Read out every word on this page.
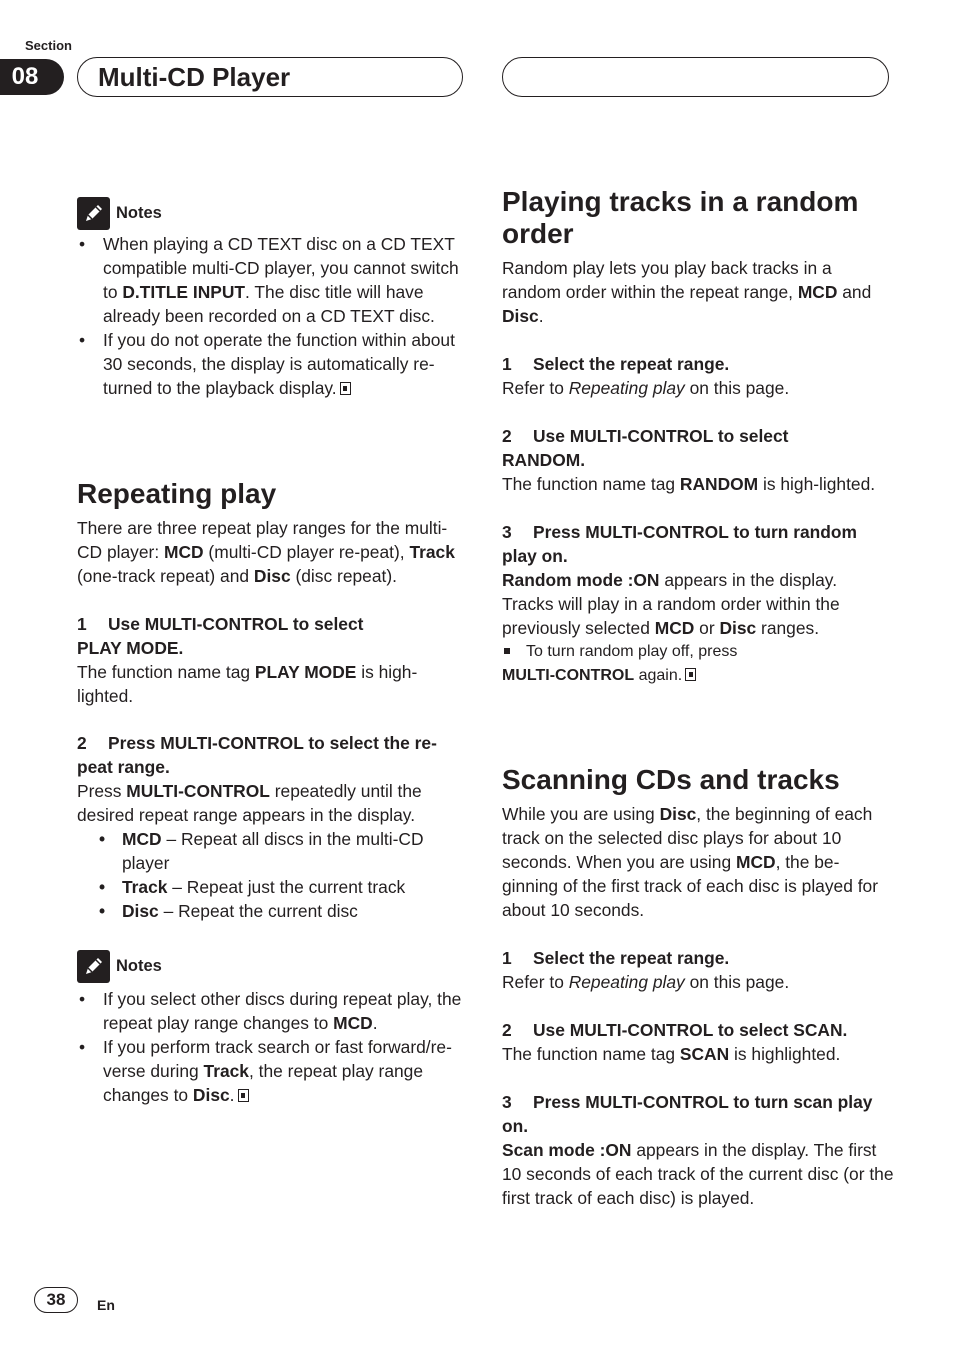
Section
08	Multi-CD Player
Notes
• When playing a CD TEXT disc on a CD TEXT compatible multi-CD player, you cannot switch to D.TITLE INPUT. The disc title will have already been recorded on a CD TEXT disc.
• If you do not operate the function within about 30 seconds, the display is automatically re-turned to the playback display.
Repeating play

There are three repeat play ranges for the multi-CD player: MCD (multi-CD player re-peat), Track (one-track repeat) and Disc (disc repeat).

1 Use MULTI-CONTROL to select
PLAY MODE.

The function name tag PLAY MODE is high-lighted.

2 Press MULTI-CONTROL to select the re-peat range.

Press MULTI-CONTROL repeatedly until the desired repeat range appears in the display.

• MCD – Repeat all discs in the multi-CD player
• Track – Repeat just the current track
• Disc – Repeat the current disc
Notes
• If you select other discs during repeat play, the repeat play range changes to MCD.
• If you perform track search or fast forward/re-verse during Track, the repeat play range changes to Disc.
Playing tracks in a random order

Random play lets you play back tracks in a random order within the repeat range, MCD and Disc.

1 Select the repeat range.

Refer to Repeating play on this page.

2 Use MULTI-CONTROL to select
RANDOM.

The function name tag RANDOM is high-lighted.

3 Press MULTI-CONTROL to turn random play on.

Random mode :ON appears in the display.
Tracks will play in a random order within the previously selected MCD or Disc ranges.

To turn random play off, press

MULTI-CONTROL again.

Scanning CDs and tracks

While you are using Disc, the beginning of each track on the selected disc plays for about 10 seconds. When you are using MCD, the be-ginning of the first track of each disc is played for about 10 seconds.

1 Select the repeat range.

Refer to Repeating play on this page.

2 Use MULTI-CONTROL to select SCAN.

The function name tag SCAN is highlighted.

3 Press MULTI-CONTROL to turn scan play on.

Scan mode :ON appears in the display. The first 10 seconds of each track of the current disc (or the first track of each disc) is played.

38	En
